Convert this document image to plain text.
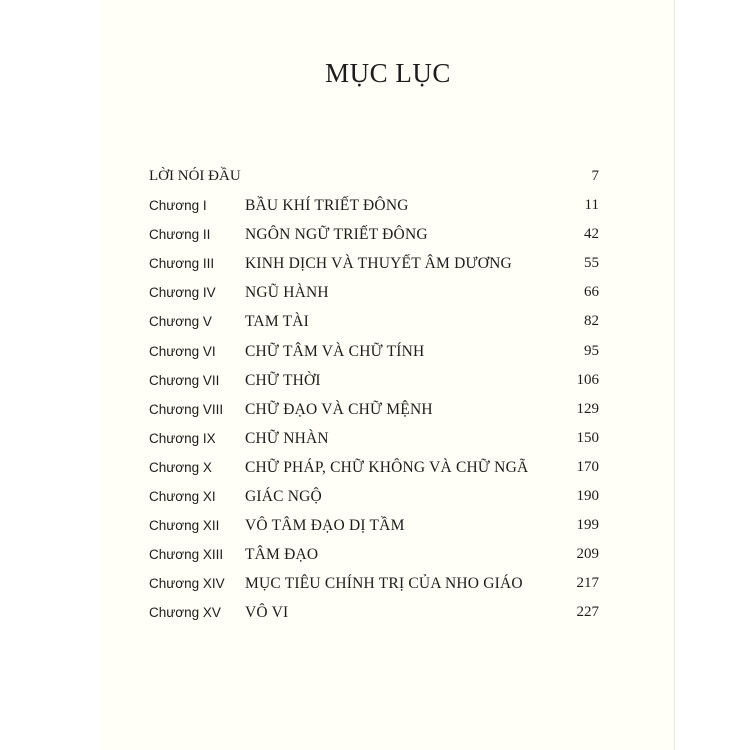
MỤC LỤC
LỜI NÓI ĐẦU	7
Chương I BẦU KHÍ TRIẾT ĐÔNG	11
Chương II NGÔN NGỮ TRIẾT ĐÔNG	42
Chương III KINH DỊCH VÀ THUYẾT ÂM DƯƠNG	55
Chương IV NGŨ HÀNH	66
Chương V TAM TÀI	82
Chương VI CHỮ TÂM VÀ CHỮ TÍNH	95
Chương VII CHỮ THỜI	106
Chương VIII CHỮ ĐẠO VÀ CHỮ MỆNH	129
Chương IX CHỮ NHÀN	150
Chương X CHỮ PHÁP, CHỮ KHÔNG VÀ CHỮ NGÃ	170
Chương XI GIÁC NGỘ	190
Chương XII VÔ TÂM ĐẠO DỊ TẦM	199
Chương XIII TÂM ĐẠO	209
Chương XIV MỤC TIÊU CHÍNH TRỊ CỦA NHO GIÁO	217
Chương XV VÔ VI	227
